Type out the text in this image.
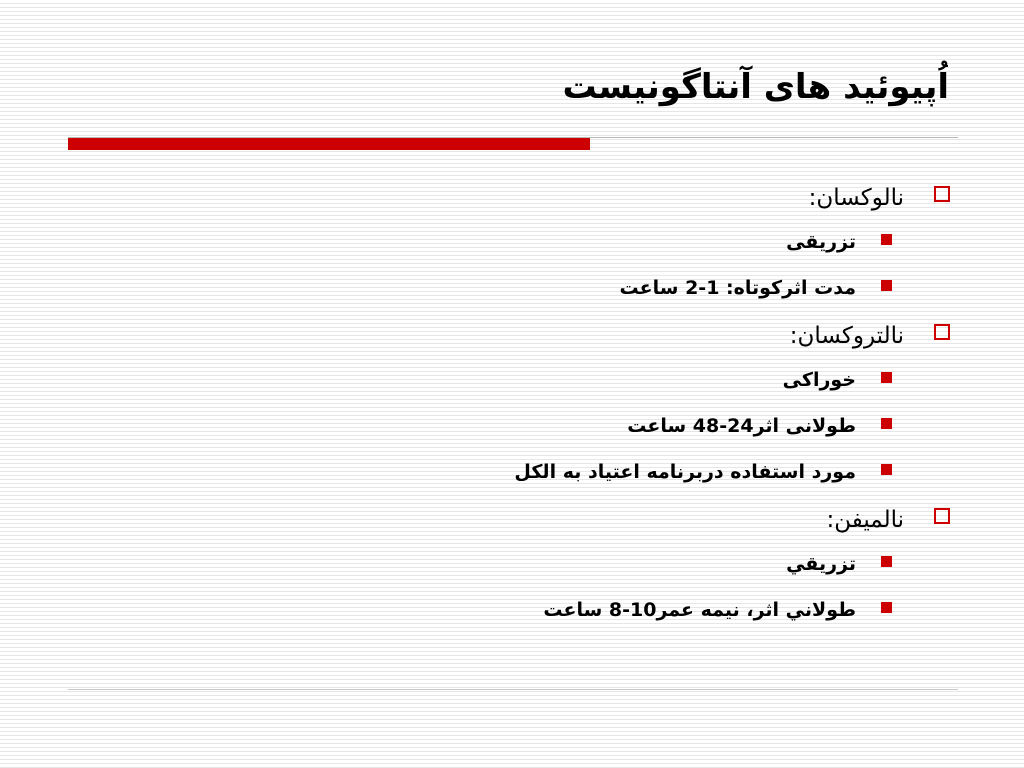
اُپيوئيد های آنتاگونيست
نالوکسان:
تزريقی
مدت اثرکوتاه: 1-2 ساعت
نالتروکسان:
خوراکی
طولانی اثر24-48 ساعت
مورد استفاده دربرنامه اعتياد به الکل
نالميفن:
تزريقي
طولاني اثر، نيمه عمر10-8 ساعت
